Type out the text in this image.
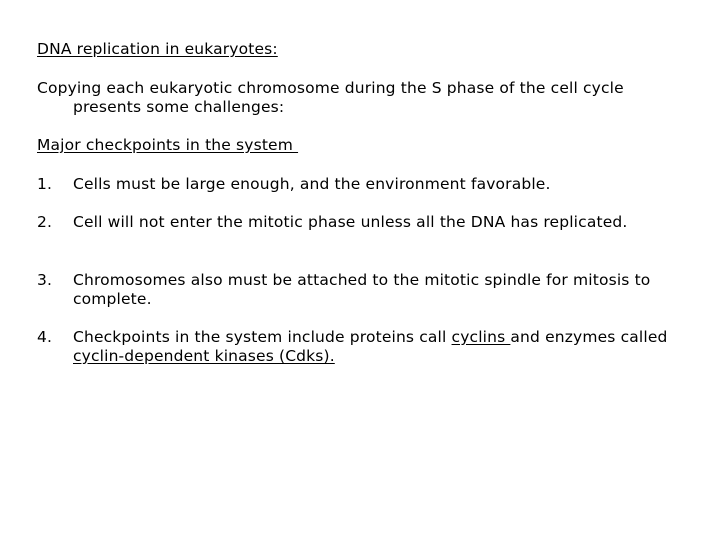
DNA replication in eukaryotes:
Copying each eukaryotic chromosome during the S phase of the cell cycle presents some challenges:
Major checkpoints in the system
1.	Cells must be large enough, and the environment favorable.
2.	Cell will not enter the mitotic phase unless all the DNA has replicated.
3.	Chromosomes also must be attached to the mitotic spindle for mitosis to complete.
4.	Checkpoints in the system include proteins call cyclins and enzymes called cyclin-dependent kinases (Cdks).
